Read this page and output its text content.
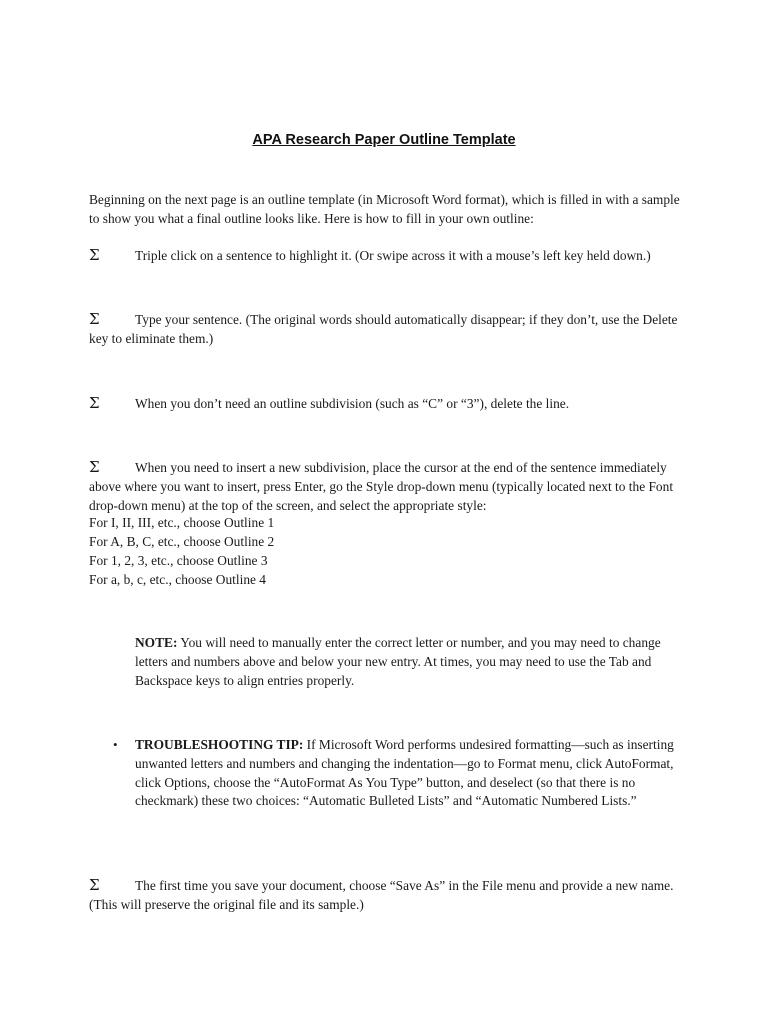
APA Research Paper Outline Template

Beginning on the next page is an outline template (in Microsoft Word format), which is filled in with a sample to show you what a final outline looks like. Here is how to fill in your own outline:

Σ	Triple click on a sentence to highlight it. (Or swipe across it with a mouse’s left key held down.)

Σ	Type your sentence. (The original words should automatically disappear; if they don’t, use the Delete key to eliminate them.)

Σ	When you don’t need an outline subdivision (such as “C” or “3”), delete the line.

Σ	When you need to insert a new subdivision, place the cursor at the end of the sentence immediately above where you want to insert, press Enter, go the Style drop-down menu (typically located next to the Font drop-down menu) at the top of the screen, and select the appropriate style:

For I, II, III, etc., choose Outline 1

For A, B, C, etc., choose Outline 2

For 1, 2, 3, etc., choose Outline 3

For a, b, c, etc., choose Outline 4

NOTE: You will need to manually enter the correct letter or number, and you may need to change letters and numbers above and below your new entry. At times, you may need to use the Tab and Backspace keys to align entries properly.

• TROUBLESHOOTING TIP: If Microsoft Word performs undesired formatting—such as inserting unwanted letters and numbers and changing the indentation—go to Format menu, click AutoFormat, click Options, choose the “AutoFormat As You Type” button, and deselect (so that there is no checkmark) these two choices: “Automatic Bulleted Lists” and “Automatic Numbered Lists.”

Σ	The first time you save your document, choose “Save As” in the File menu and provide a new name. (This will preserve the original file and its sample.)
